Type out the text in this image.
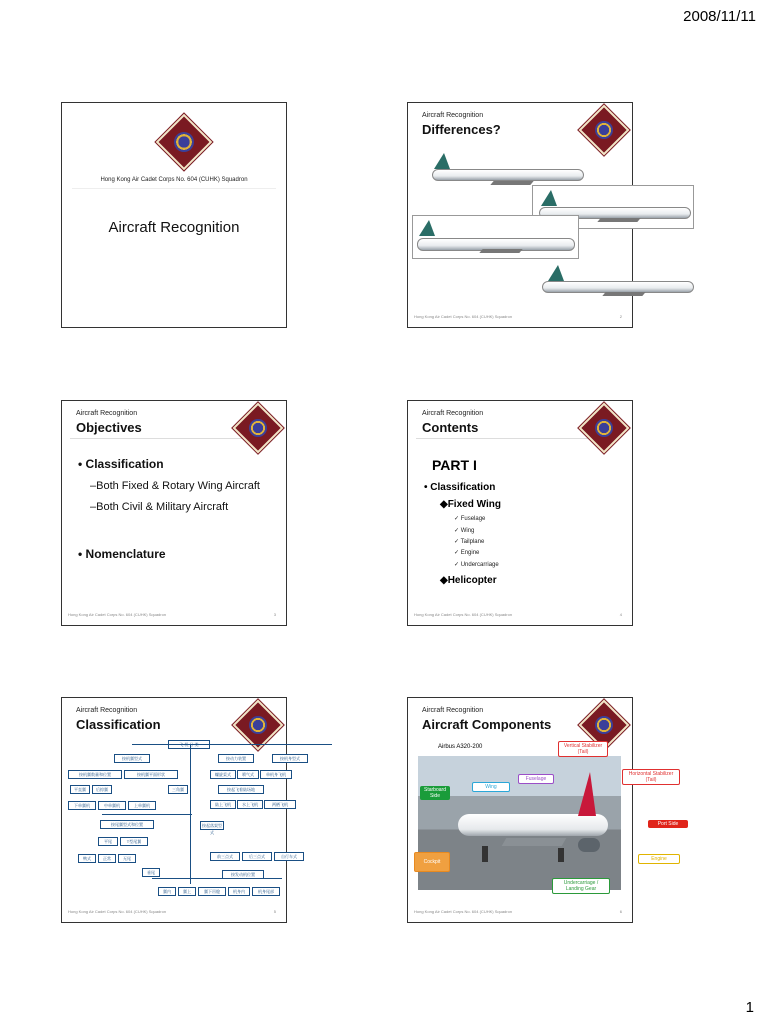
2008/11/11
Hong Kong Air Cadet Corps No. 604 (CUHK) Squadron
Aircraft Recognition
Aircraft Recognition
Differences?
Hong Kong Air Cadet Corps No. 604 (CUHK) Squadron	2
Aircraft Recognition
Objectives
• Classification
–Both Fixed & Rotary Wing Aircraft
–Both Civil & Military Aircraft
• Nomenclature
Hong Kong Air Cadet Corps No. 604 (CUHK) Squadron	3
Aircraft Recognition
Contents
PART I
• Classification
◆Fixed Wing
✓ Fuselage
✓ Wing
✓ Tailplane
✓ Engine
✓ Undercarriage
◆Helicopter
Hong Kong Air Cadet Corps No. 604 (CUHK) Squadron	4
Aircraft Recognition
Classification
按机翼型式
按机翼数量和位置	按机翼平面形状
平直翼	后掠翼	三角翼
下单翼机	中单翼机	上单翼机
按尾翼型式和位置
平尾	T型尾翼
鸭式	正常	无尾
垂尾
按动力装置	按机身型式
螺旋桨式	喷气式	单机身飞机
按起飞着陆场地
陆上飞机	水上飞机	两栖飞机
按起落架型式
前三点式	后三点式	自行车式
按发动机位置
翼内	翼上	翼下吊舱	机身内	机身尾部
Hong Kong Air Cadet Corps No. 604 (CUHK) Squadron	5
Aircraft Recognition
Aircraft Components
Airbus A320-200	Vertical Stabilizer (Tail)
Horizontal Stabilizer (Tail)
Fuselage
Wing
Starboard Side
Port Side
Cockpit	Engine
Undercarriage / Landing Gear
Hong Kong Air Cadet Corps No. 604 (CUHK) Squadron	6
1
